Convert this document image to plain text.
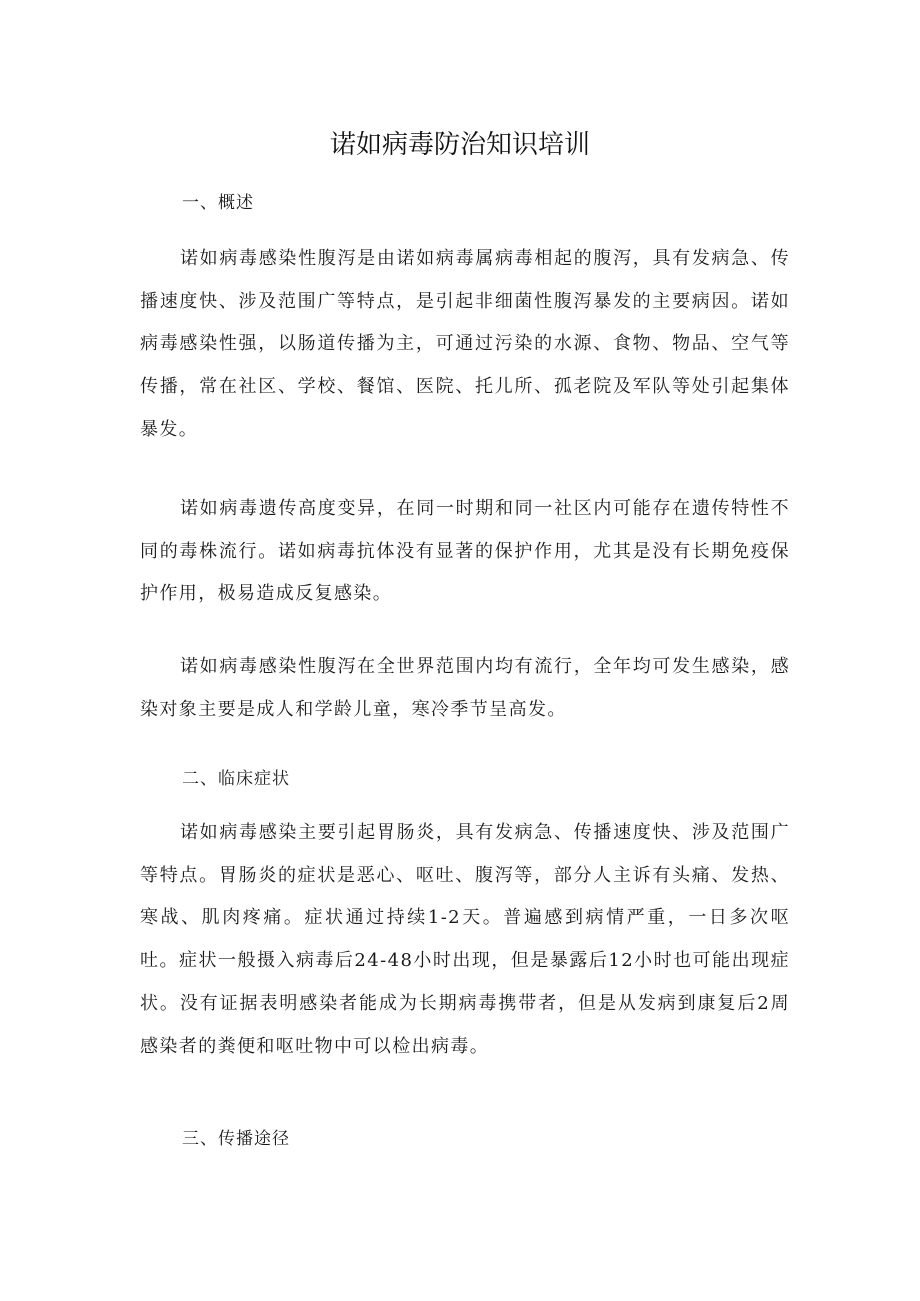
诺如病毒防治知识培训
一、概述

诺如病毒感染性腹泻是由诺如病毒属病毒相起的腹泻，具有发病急、传播速度快、涉及范围广等特点，是引起非细菌性腹泻暴发的主要病因。诺如病毒感染性强，以肠道传播为主，可通过污染的水源、食物、物品、空气等传播，常在社区、学校、餐馆、医院、托儿所、孤老院及军队等处引起集体暴发。

诺如病毒遗传高度变异，在同一时期和同一社区内可能存在遗传特性不同的毒株流行。诺如病毒抗体没有显著的保护作用，尤其是没有长期免疫保护作用，极易造成反复感染。

诺如病毒感染性腹泻在全世界范围内均有流行，全年均可发生感染，感染对象主要是成人和学龄儿童，寒冷季节呈高发。

二、临床症状

诺如病毒感染主要引起胃肠炎，具有发病急、传播速度快、涉及范围广等特点。胃肠炎的症状是恶心、呕吐、腹泻等，部分人主诉有头痛、发热、寒战、肌肉疼痛。症状通过持续1-2天。普遍感到病情严重，一日多次呕吐。症状一般摄入病毒后24-48小时出现，但是暴露后12小时也可能出现症状。没有证据表明感染者能成为长期病毒携带者，但是从发病到康复后2周感染者的粪便和呕吐物中可以检出病毒。

三、传播途径
